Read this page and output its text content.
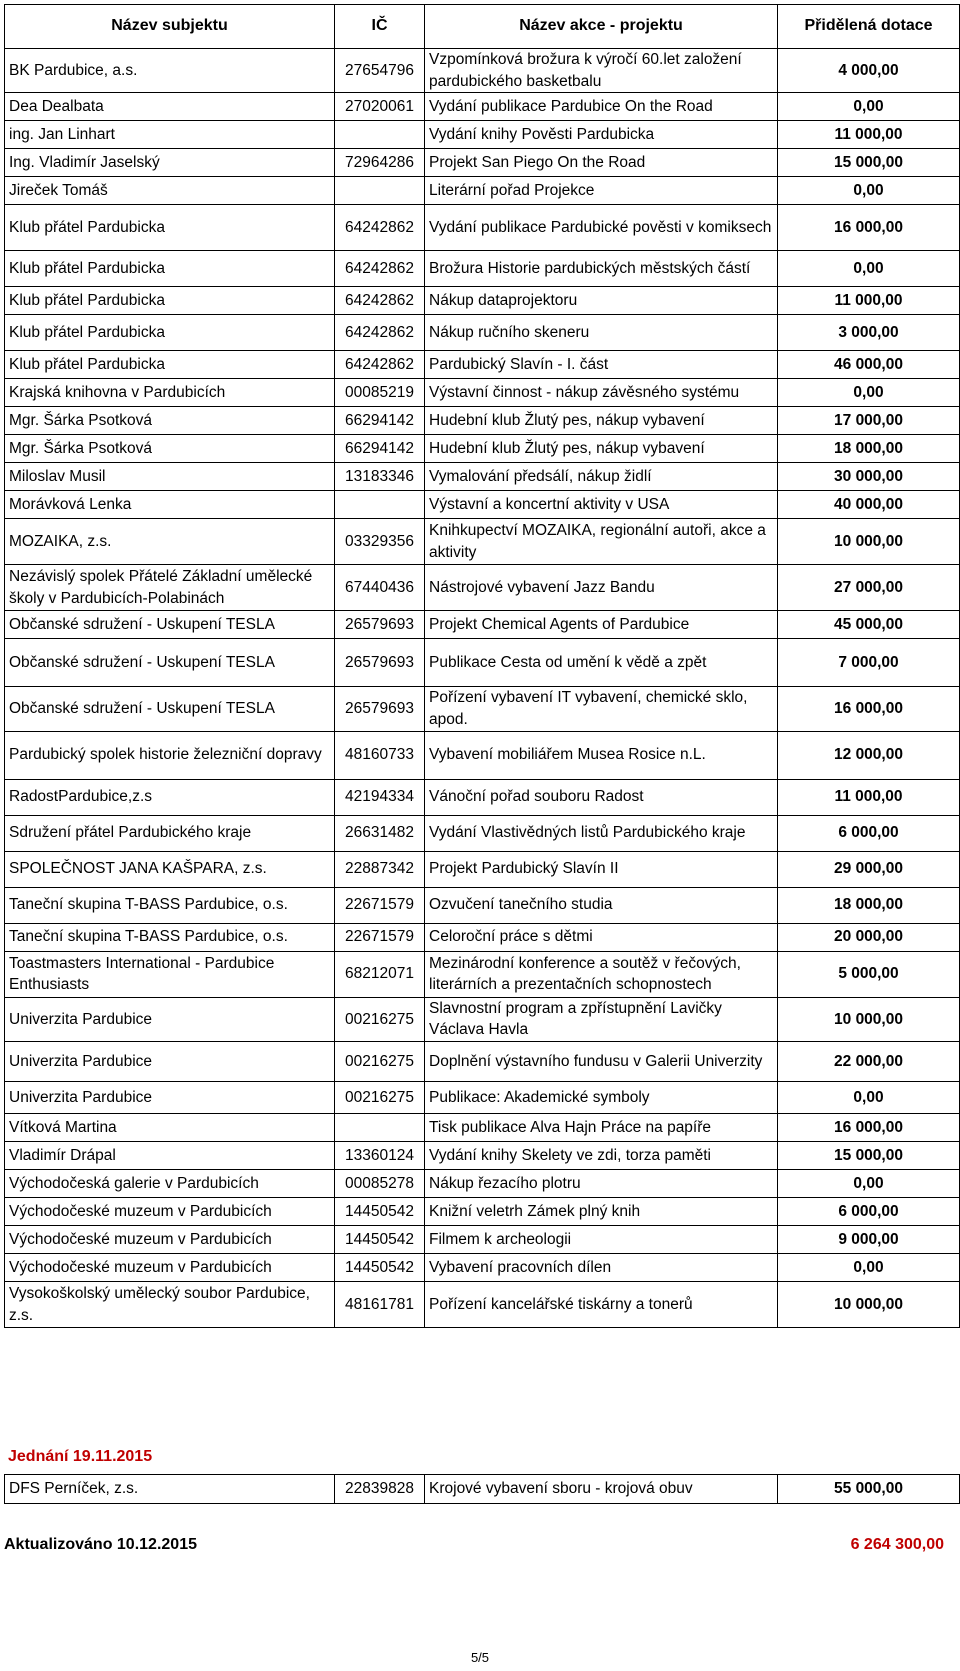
Název subjektu	IČ	Název akce - projektu	Přidělená dotace
BK Pardubice, a.s.	27654796	Vzpomínková brožura k výročí 60.let založení pardubického basketbalu	4 000,00
Dea Dealbata	27020061	Vydání publikace Pardubice On the Road	0,00
ing. Jan Linhart		Vydání knihy Pověsti Pardubicka	11 000,00
Ing. Vladimír Jaselský	72964286	Projekt San Piego On the Road	15 000,00
Jireček Tomáš		Literární pořad Projekce	0,00
Klub přátel Pardubicka	64242862	Vydání publikace Pardubické pověsti v komiksech	16 000,00
Klub přátel Pardubicka	64242862	Brožura Historie pardubických městských částí	0,00
Klub přátel Pardubicka	64242862	Nákup dataprojektoru	11 000,00
Klub přátel Pardubicka	64242862	Nákup ručního skeneru	3 000,00
Klub přátel Pardubicka	64242862	Pardubický Slavín - I. část	46 000,00
Krajská knihovna v Pardubicích	00085219	Výstavní činnost - nákup závěsného systému	0,00
Mgr. Šárka Psotková	66294142	Hudební klub Žlutý pes, nákup vybavení	17 000,00
Mgr. Šárka Psotková	66294142	Hudební klub Žlutý pes, nákup vybavení	18 000,00
Miloslav Musil	13183346	Vymalování předsálí, nákup židlí	30 000,00
Morávková Lenka		Výstavní a koncertní aktivity v USA	40 000,00
MOZAIKA, z.s.	03329356	Knihkupectví MOZAIKA, regionální autoři, akce a aktivity	10 000,00
Nezávislý spolek Přátelé Základní umělecké školy v Pardubicích-Polabinách	67440436	Nástrojové vybavení Jazz Bandu	27 000,00
Občanské sdružení - Uskupení TESLA	26579693	Projekt Chemical Agents of Pardubice	45 000,00
Občanské sdružení - Uskupení TESLA	26579693	Publikace Cesta od umění k vědě a zpět	7 000,00
Občanské sdružení - Uskupení TESLA	26579693	Pořízení vybavení IT vybavení, chemické sklo, apod.	16 000,00
Pardubický spolek historie železniční dopravy	48160733	Vybavení mobiliářem Musea Rosice n.L.	12 000,00
RadostPardubice,z.s	42194334	Vánoční pořad souboru Radost	11 000,00
Sdružení přátel Pardubického kraje	26631482	Vydání Vlastivědných listů Pardubického kraje	6 000,00
SPOLEČNOST JANA KAŠPARA, z.s.	22887342	Projekt Pardubický Slavín II	29 000,00
Taneční skupina T-BASS Pardubice, o.s.	22671579	Ozvučení tanečního studia	18 000,00
Taneční skupina T-BASS Pardubice, o.s.	22671579	Celoroční práce s dětmi	20 000,00
Toastmasters International - Pardubice Enthusiasts	68212071	Mezinárodní konference a soutěž v řečových, literárních a prezentačních schopnostech	5 000,00
Univerzita Pardubice	00216275	Slavnostní program a zpřístupnění Lavičky Václava Havla	10 000,00
Univerzita Pardubice	00216275	Doplnění výstavního fundusu v Galerii Univerzity	22 000,00
Univerzita Pardubice	00216275	Publikace: Akademické symboly	0,00
Vítková Martina		Tisk publikace Alva Hajn Práce na papíře	16 000,00
Vladimír Drápal	13360124	Vydání knihy Skelety ve zdi, torza paměti	15 000,00
Východočeská galerie v Pardubicích	00085278	Nákup řezacího plotru	0,00
Východočeské muzeum v Pardubicích	14450542	Knižní veletrh Zámek plný knih	6 000,00
Východočeské muzeum v Pardubicích	14450542	Filmem k archeologii	9 000,00
Východočeské muzeum v Pardubicích	14450542	Vybavení pracovních dílen	0,00
Vysokoškolský umělecký soubor Pardubice, z.s.	48161781	Pořízení kancelářské tiskárny a tonerů	10 000,00
Jednání 19.11.2015
DFS Perníček, z.s.	22839828	Krojové vybavení sboru - krojová obuv	55 000,00
Aktualizováno 10.12.2015	6 264 300,00
5/5
